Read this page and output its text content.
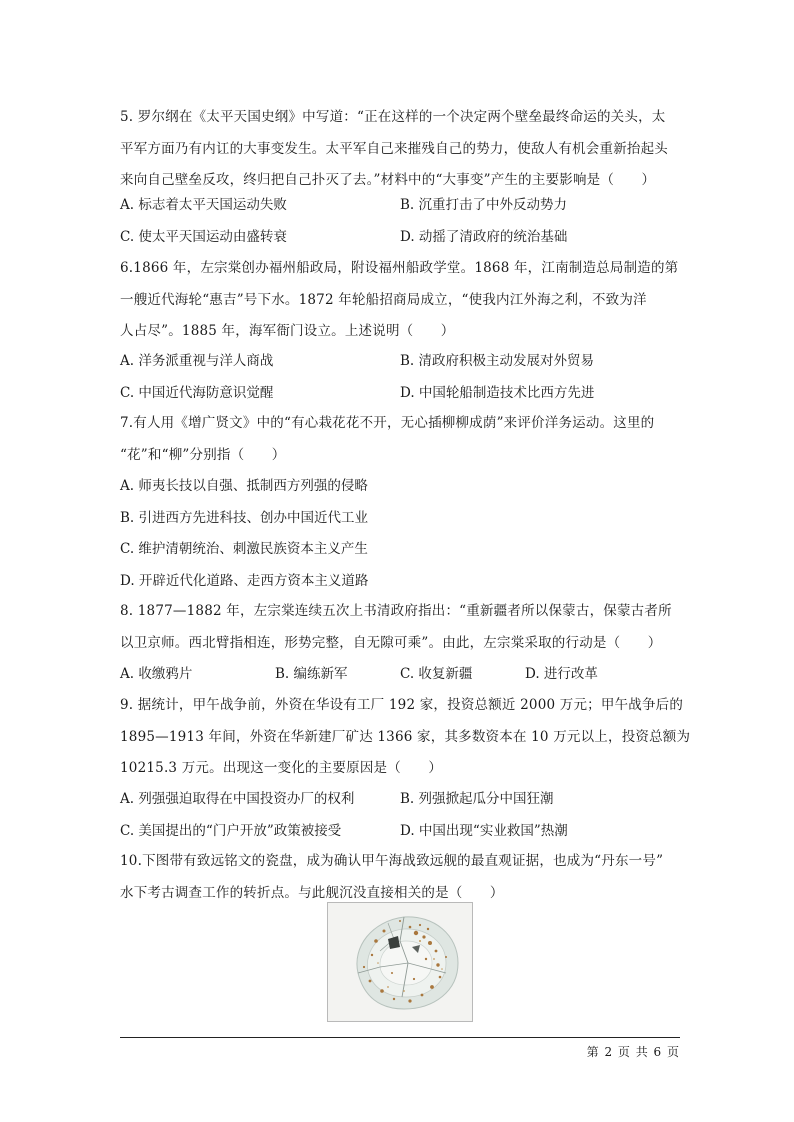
5. 罗尔纲在《太平天国史纲》中写道：“正在这样的一个决定两个壁垒最终命运的关头，太
平军方面乃有内讧的大事变发生。太平军自己来摧残自己的势力，使敌人有机会重新抬起头
来向自己壁垒反攻，终归把自己扑灭了去。”材料中的“大事变”产生的主要影响是（　　）
A. 标志着太平天国运动失败	B. 沉重打击了中外反动势力
C. 使太平天国运动由盛转衰	D. 动摇了清政府的统治基础
6.1866 年，左宗棠创办福州船政局，附设福州船政学堂。1868 年，江南制造总局制造的第
一艘近代海轮“惠吉”号下水。1872 年轮船招商局成立，“使我内江外海之利，不致为洋
人占尽”。1885 年，海军衙门设立。上述说明（　　）
A. 洋务派重视与洋人商战	B. 清政府积极主动发展对外贸易
C. 中国近代海防意识觉醒	D. 中国轮船制造技术比西方先进
7.有人用《增广贤文》中的“有心栽花花不开，无心插柳柳成荫”来评价洋务运动。这里的
“花”和“柳”分别指（　　）
A. 师夷长技以自强、抵制西方列强的侵略
B. 引进西方先进科技、创办中国近代工业
C. 维护清朝统治、刺激民族资本主义产生
D. 开辟近代化道路、走西方资本主义道路
8. 1877—1882 年，左宗棠连续五次上书清政府指出：“重新疆者所以保蒙古，保蒙古者所
以卫京师。西北臂指相连，形势完整，自无隙可乘”。由此，左宗棠采取的行动是（　　）
A. 收缴鸦片	B. 编练新军	C. 收复新疆	D. 进行改革
9. 据统计，甲午战争前，外资在华设有工厂 192 家，投资总额近 2000 万元；甲午战争后的
1895—1913 年间，外资在华新建厂矿达 1366 家，其多数资本在 10 万元以上，投资总额为
10215.3 万元。出现这一变化的主要原因是（　　）
A. 列强强迫取得在中国投资办厂的权利	B. 列强掀起瓜分中国狂潮
C. 美国提出的“门户开放”政策被接受	D. 中国出现“实业救国”热潮
10.下图带有致远铭文的瓷盘，成为确认甲午海战致远舰的最直观证据，也成为“丹东一号”
水下考古调查工作的转折点。与此舰沉没直接相关的是（　　）
第 2 页 共 6 页
